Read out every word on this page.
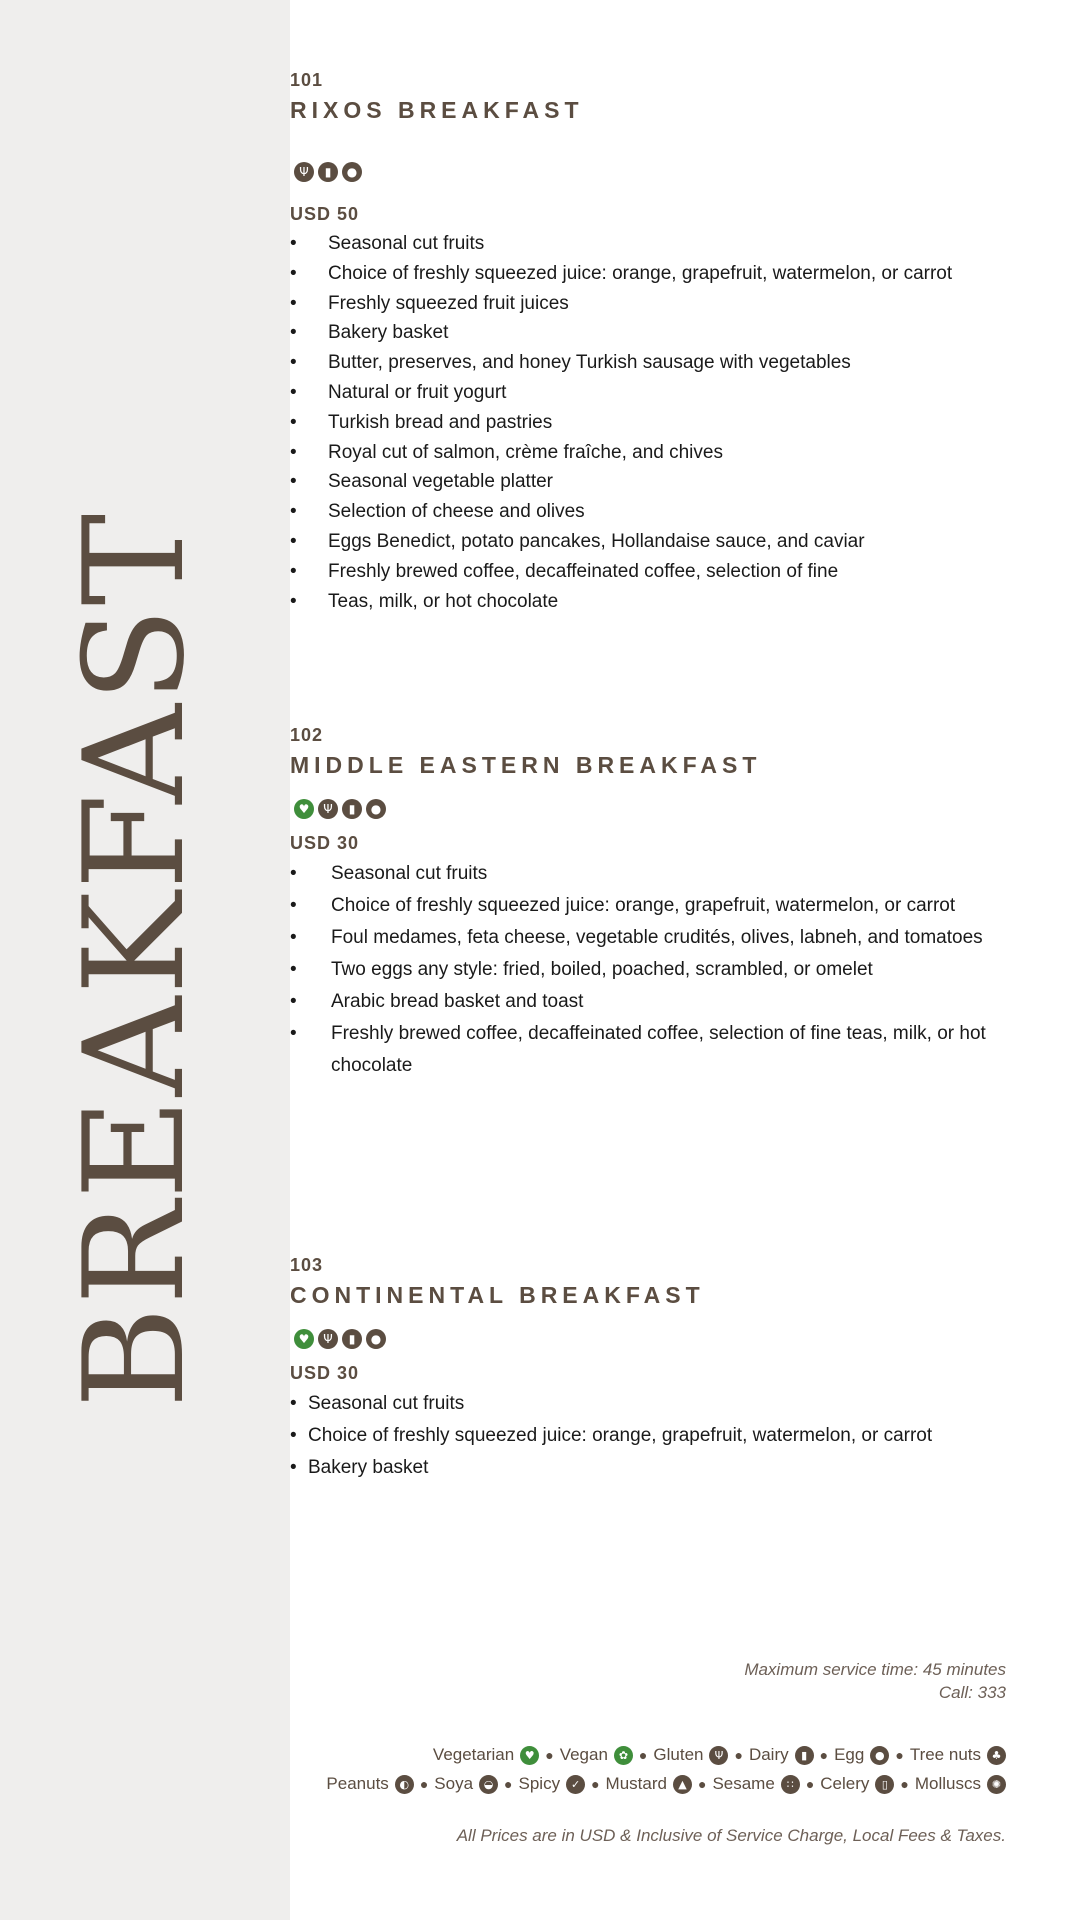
BREAKFAST
101
RIXOS BREAKFAST
Ψ	▮	●
USD 50
• Seasonal cut fruits
• Choice of freshly squeezed juice: orange, grapefruit, watermelon, or carrot
• Freshly squeezed fruit juices
• Bakery basket
• Butter, preserves, and honey Turkish sausage with vegetables
• Natural or fruit yogurt
• Turkish bread and pastries
• Royal cut of salmon, crème fraîche, and chives
• Seasonal vegetable platter
• Selection of cheese and olives
• Eggs Benedict, potato pancakes, Hollandaise sauce, and caviar
• Freshly brewed coffee, decaffeinated coffee, selection of fine
• Teas, milk, or hot chocolate
102
MIDDLE EASTERN BREAKFAST
♥	Ψ	▮	●
USD 30
• Seasonal cut fruits
• Choice of freshly squeezed juice: orange, grapefruit, watermelon, or carrot
• Foul medames, feta cheese, vegetable crudités, olives, labneh, and tomatoes
• Two eggs any style: fried, boiled, poached, scrambled, or omelet
• Arabic bread basket and toast
• Freshly brewed coffee, decaffeinated coffee, selection of fine teas, milk, or hot chocolate
103
CONTINENTAL BREAKFAST
♥	Ψ	▮	●
USD 30
• Seasonal cut fruits
• Choice of freshly squeezed juice: orange, grapefruit, watermelon, or carrot
• Bakery basket
Maximum service time: 45 minutes
Call: 333
Vegetarian ♥ ● Vegan ✿ ● Gluten	Ψ ● Dairy	▮ ● Egg ● ● Tree nuts ♣
Peanuts ◐ ● Soya ◒ ● Spicy ✓ ● Mustard	▲ ● Sesame	∷ ● Celery	▯ ● Molluscs ✺
All Prices are in USD & Inclusive of Service Charge, Local Fees & Taxes.
